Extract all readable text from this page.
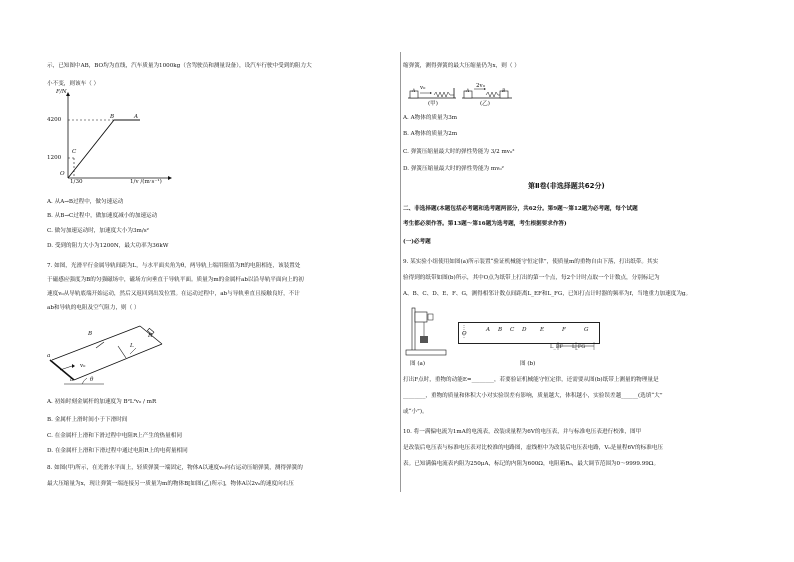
示，已知图中AB，BO均为直线，汽车质量为1000kg（含驾驶员和测量设备），设汽车行驶中受到的阻力大
小不变，则该车（ ）
F/N
4200
1200
B	A
C
O
1/30	1/v /(m·s⁻¹)
A. 从A→B过程中，做匀速运动
B. 从B→C过程中，做加速度减小的加速运动
C. 做匀加速运动时，加速度大小为3m/s²
D. 受到的阻力大小为1200N，最大功率为36kW
7. 如图，光滑平行金属导轨间距为L，与水平面夹角为θ，两导轨上端用阻值为R的电阻相连，该装置处
于磁感应强度为B的匀强磁场中，磁场方向垂直于导轨平面。质量为m的金属杆ab以沿导轨平面向上的初
速度v₀从导轨底端开始运动，然后又返回到出发位置。在运动过程中，ab与导轨垂直且接触良好，不计
ab和导轨的电阻及空气阻力，则（ ）
B	R
L
a
v₀
b	θ
A. 初始时刻金属杆的加速度为 B²L²v₀ / mR
B. 金属杆上滑时间小于下滑时间
C. 在金属杆上滑和下滑过程中电阻R上产生的热量相同
D. 在金属杆上滑和下滑过程中通过电阻R上的电荷量相同
8. 如图(甲)所示，在光滑水平面上，轻质弹簧一端固定，物体A以速度v₀向右运动压缩弹簧，测得弹簧的
最大压缩量为x，现让弹簧一端连接另一质量为m的物体B[如图(乙)所示]，物体A以2v₀的速度向右压
缩弹簧，测得弹簧的最大压缩量仍为x，则（ ）
(甲)	(乙)
v₀	2v₀
A. A物体的质量为3m
B. A物体的质量为2m
C. 弹簧压缩量最大时的弹性势能为 3/2 mv₀²
D. 弹簧压缩量最大时的弹性势能为 mv₀²
第Ⅱ卷(非选择题共62分)
二、非选择题(本题包括必考题和选考题两部分，共62分。第9题～第12题为必考题，每个试题
考生都必须作答。第13题～第16题为选考题，考生根据要求作答)
(一)必考题
9. 某实验小组使用如图(a)所示装置“验证机械能守恒定律”，使质量m的重物自由下落，打出纸带。其实
验得到的纸带如图(b)所示，其中O点为纸带上打出的第一个点，每2个计时点取一个计数点，分别标记为
A、B、C、D、E、F、G，测得相邻计数点间距离L_EF和L_FG，已知打点计时器的频率为f，当地重力加速度为g。
图 (a)
O
A B C D E	F	G
L_EF L_FG
图 (b)
打出F点时，重物的动能E=________，若要验证机械能守恒定律，还需要从图(b)纸带上测量的物理量是
________，重物的质量和体积大小对实验误差有影响，质量越大，体积越小，实验误差越______(选填“大”
或“小”)。
10. 将一满偏电流为1mA的电流表，改装成量程为6V的电压表，并与标准电压表进行校准，图甲
是改装后电压表与标准电压表对比校准的电路图，虚线框中为改装后电压表电路，V₀是量程6V的标准电压
表。已知满偏电流表内阻为250μA，标记的内阻为600Ω，电阻箱R₀，最大调节范围为0～9999.99Ω。
A	A	B
